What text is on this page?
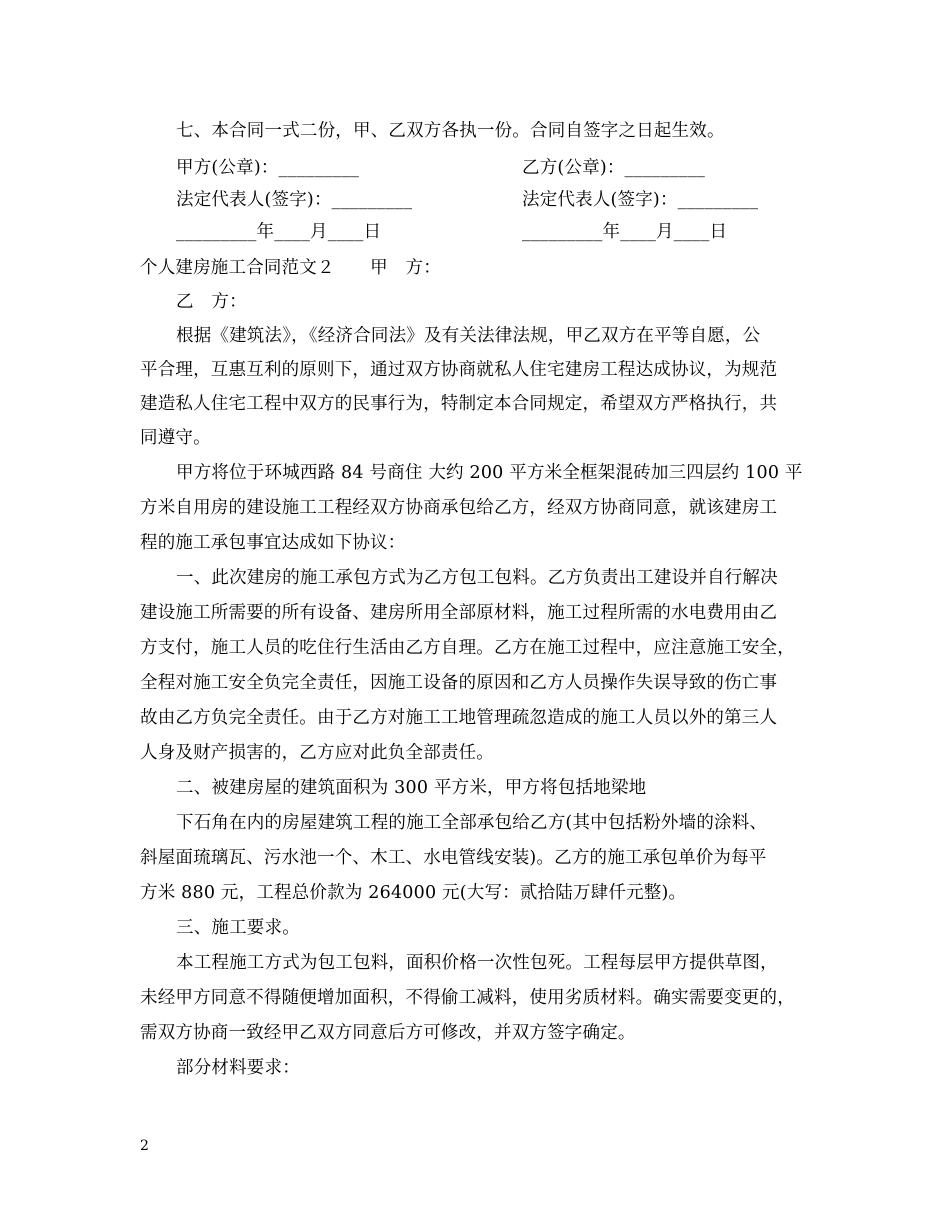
七、本合同一式二份，甲、乙双方各执一份。合同自签字之日起生效。
甲方(公章)：_________	乙方(公章)：_________
法定代表人(签字)：_________	法定代表人(签字)：_________
_________年____月____日	_________年____月____日
个人建房施工合同范文２　　甲　方：
乙　方：
根据《建筑法》，《经济合同法》及有关法律法规，甲乙双方在平等自愿，公
平合理，互惠互利的原则下，通过双方协商就私人住宅建房工程达成协议，为规范
建造私人住宅工程中双方的民事行为，特制定本合同规定，希望双方严格执行，共
同遵守。
甲方将位于环城西路 84 号商住 大约 200 平方米全框架混砖加三四层约 100 平
方米自用房的建设施工工程经双方协商承包给乙方，经双方协商同意，就该建房工
程的施工承包事宜达成如下协议：
一、此次建房的施工承包方式为乙方包工包料。乙方负责出工建设并自行解决
建设施工所需要的所有设备、建房所用全部原材料，施工过程所需的水电费用由乙
方支付，施工人员的吃住行生活由乙方自理。乙方在施工过程中，应注意施工安全，
全程对施工安全负完全责任，因施工设备的原因和乙方人员操作失误导致的伤亡事
故由乙方负完全责任。由于乙方对施工工地管理疏忽造成的施工人员以外的第三人
人身及财产损害的，乙方应对此负全部责任。
二、被建房屋的建筑面积为 300 平方米，甲方将包括地梁地
下石角在内的房屋建筑工程的施工全部承包给乙方(其中包括粉外墙的涂料、
斜屋面琉璃瓦、污水池一个、木工、水电管线安装)。乙方的施工承包单价为每平
方米 880 元，工程总价款为 264000 元(大写：贰拾陆万肆仟元整)。
三、施工要求。
本工程施工方式为包工包料，面积价格一次性包死。工程每层甲方提供草图，
未经甲方同意不得随便增加面积，不得偷工减料，使用劣质材料。确实需要变更的，
需双方协商一致经甲乙双方同意后方可修改，并双方签字确定。
部分材料要求：
2
